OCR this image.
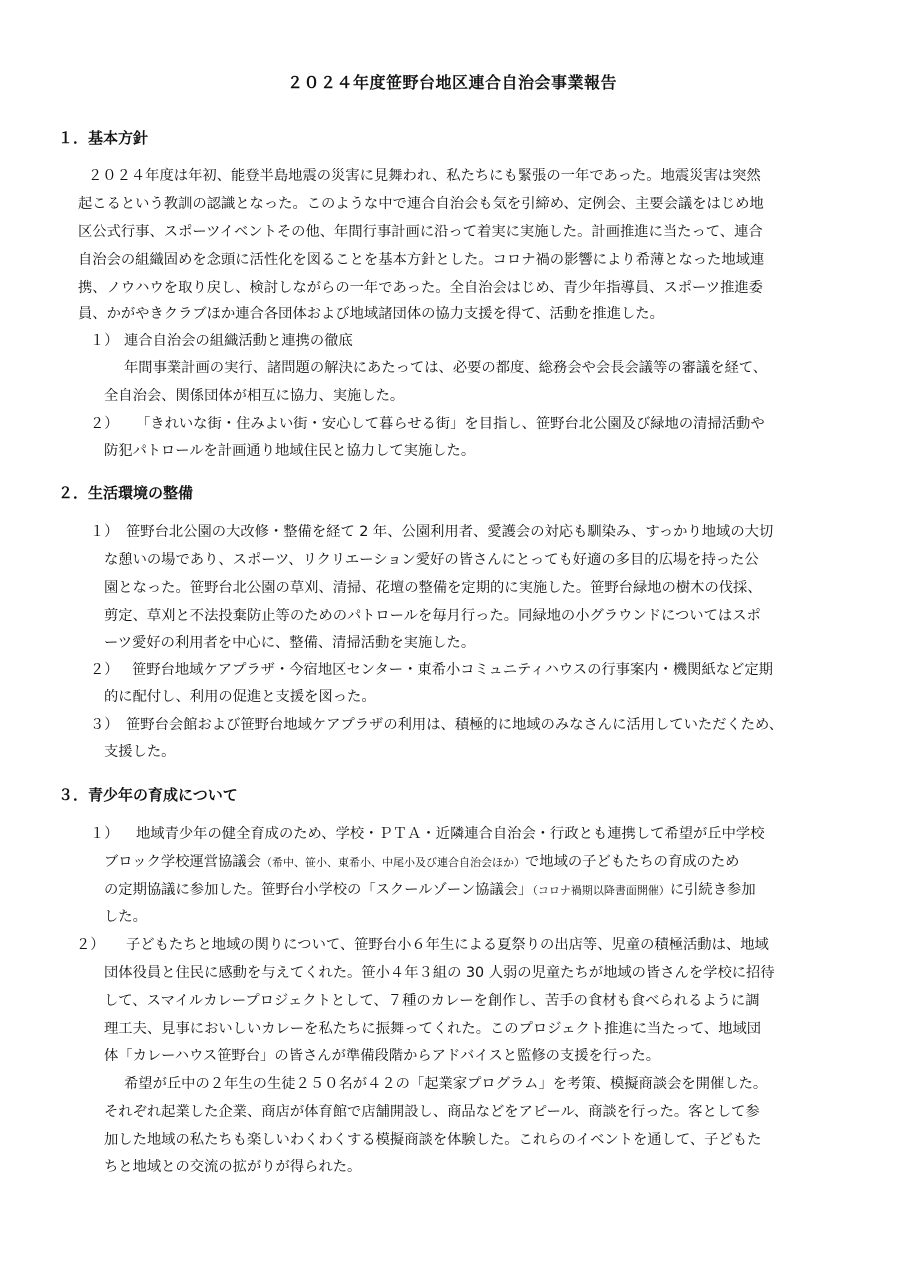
２０２４年度笹野台地区連合自治会事業報告
１．基本方針
２０２４年度は年初、能登半島地震の災害に見舞われ、私たちにも緊張の一年であった。地震災害は突然
起こるという教訓の認識となった。このような中で連合自治会も気を引締め、定例会、主要会議をはじめ地
区公式行事、スポーツイベントその他、年間行事計画に沿って着実に実施した。計画推進に当たって、連合
自治会の組織固めを念頭に活性化を図ることを基本方針とした。コロナ禍の影響により希薄となった地域連
携、ノウハウを取り戻し、検討しながらの一年であった。全自治会はじめ、青少年指導員、スポーツ推進委
員、かがやきクラブほか連合各団体および地域諸団体の協力支援を得て、活動を推進した。
１） 連合自治会の組織活動と連携の徹底
年間事業計画の実行、諸問題の解決にあたっては、必要の都度、総務会や会長会議等の審議を経て、
全自治会、関係団体が相互に協力、実施した。
２） 「きれいな街・住みよい街・安心して暮らせる街」を目指し、笹野台北公園及び緑地の清掃活動や
防犯パトロールを計画通り地域住民と協力して実施した。
２．生活環境の整備
１） 笹野台北公園の大改修・整備を経て 2 年、公園利用者、愛護会の対応も馴染み、すっかり地域の大切
な憩いの場であり、スポーツ、リクリエーション愛好の皆さんにとっても好適の多目的広場を持った公
園となった。笹野台北公園の草刈、清掃、花壇の整備を定期的に実施した。笹野台緑地の樹木の伐採、
剪定、草刈と不法投棄防止等のためのパトロールを毎月行った。同緑地の小グラウンドについてはスポ
ーツ愛好の利用者を中心に、整備、清掃活動を実施した。
２） 笹野台地域ケアプラザ・今宿地区センター・東希小コミュニティハウスの行事案内・機関紙など定期
的に配付し、利用の促進と支援を図った。
３） 笹野台会館および笹野台地域ケアプラザの利用は、積極的に地域のみなさんに活用していただくため、
支援した。
３．青少年の育成について
１） 地域青少年の健全育成のため、学校・ＰＴＡ・近隣連合自治会・行政とも連携して希望が丘中学校
ブロック学校運営協議会（希中、笹小、東希小、中尾小及び連合自治会ほか）で地域の子どもたちの育成のため
の定期協議に参加した。笹野台小学校の「スクールゾーン協議会」（コロナ禍期以降書面開催）に引続き参加
した。
２） 子どもたちと地域の関りについて、笹野台小６年生による夏祭りの出店等、児童の積極活動は、地域
団体役員と住民に感動を与えてくれた。笹小４年３組の 30 人弱の児童たちが地域の皆さんを学校に招待
して、スマイルカレープロジェクトとして、７種のカレーを創作し、苦手の食材も食べられるように調
理工夫、見事においしいカレーを私たちに振舞ってくれた。このプロジェクト推進に当たって、地域団
体「カレーハウス笹野台」の皆さんが準備段階からアドバイスと監修の支援を行った。
希望が丘中の２年生の生徒２５０名が４２の「起業家プログラム」を考策、模擬商談会を開催した。
それぞれ起業した企業、商店が体育館で店舗開設し、商品などをアピール、商談を行った。客として参
加した地域の私たちも楽しいわくわくする模擬商談を体験した。これらのイベントを通して、子どもた
ちと地域との交流の拡がりが得られた。
